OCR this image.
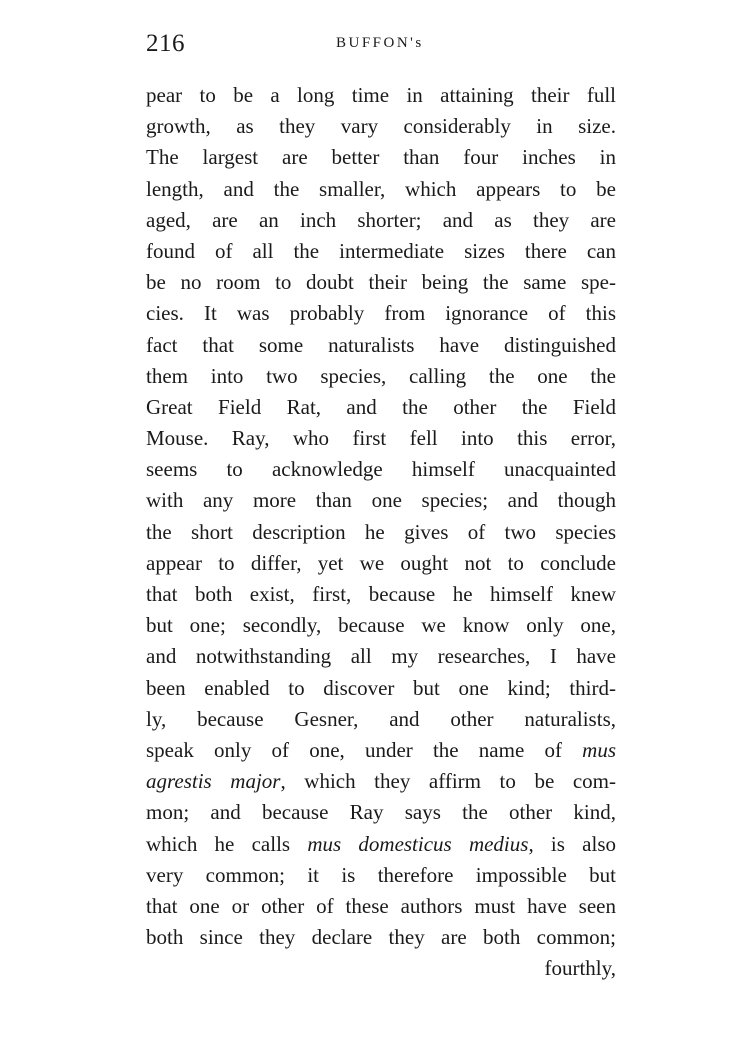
216	BUFFON's
pear to be a long time in attaining their full
growth, as they vary considerably in size.
The largest are better than four inches in
length, and the smaller, which appears to be
aged, are an inch shorter; and as they are
found of all the intermediate sizes there can
be no room to doubt their being the same spe-
cies. It was probably from ignorance of this
fact that some naturalists have distinguished
them into two species, calling the one the
Great Field Rat, and the other the Field
Mouse. Ray, who first fell into this error,
seems to acknowledge himself unacquainted
with any more than one species; and though
the short description he gives of two species
appear to differ, yet we ought not to conclude
that both exist, first, because he himself knew
but one; secondly, because we know only one,
and notwithstanding all my researches, I have
been enabled to discover but one kind; third-
ly, because Gesner, and other naturalists,
speak only of one, under the name of mus
agrestis major, which they affirm to be com-
mon; and because Ray says the other kind,
which he calls mus domesticus medius, is also
very common; it is therefore impossible but
that one or other of these authors must have seen
both since they declare they are both common;
fourthly,
